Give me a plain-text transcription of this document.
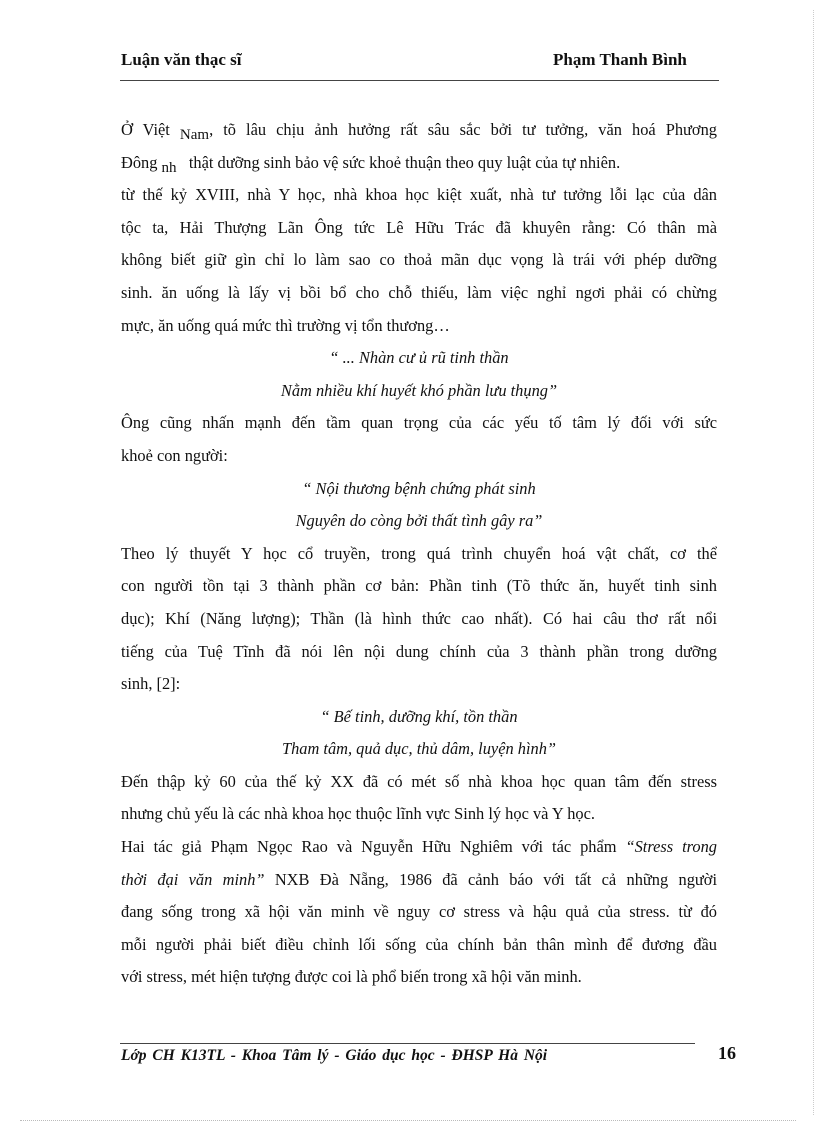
Luận văn thạc sĩ	Phạm Thanh Bình
Ở Việt Nam, tõ lâu chịu ảnh hưởng rất sâu sắc bởi tư tưởng, văn hoá Phương
Đông nh thật dưỡng sinh bảo vệ sức khoẻ thuận theo quy luật của tự nhiên.
từ thế kỷ XVIII, nhà Y học, nhà khoa học kiệt xuất, nhà tư tưởng lỗi lạc của dân
tộc ta, Hải Thượng Lãn Ông tức Lê Hữu Trác đã khuyên rằng: Có thân mà
không biết giữ gìn chỉ lo làm sao co thoả mãn dục vọng là trái với phép dưỡng
sinh. ăn uống là lấy vị bồi bổ cho chỗ thiếu, làm việc nghỉ ngơi phải có chừng
mực, ăn uống quá mức thì trường vị tổn thương…
“ ... Nhàn cư ủ rũ tinh thần
Nằm nhiều khí huyết khó phần lưu thụng”
Ông cũng nhấn mạnh đến tầm quan trọng của các yếu tố tâm lý đối với sức
khoẻ con người:
“ Nội thương bệnh chứng phát sinh
Nguyên do còng bởi thất tình gây ra”
Theo lý thuyết Y học cổ truyền, trong quá trình chuyển hoá vật chất, cơ thể
con người tồn tại 3 thành phần cơ bản: Phần tinh (Tõ thức ăn, huyết tinh sinh
dục); Khí (Năng lượng); Thần (là hình thức cao nhất). Có hai câu thơ rất nổi
tiếng của Tuệ Tĩnh đã nói lên nội dung chính của 3 thành phần trong dưỡng
sinh, [2]:
“ Bế tinh, dưỡng khí, tồn thần
Tham tâm, quả dục, thủ dâm, luyện hình”
Đến thập kỷ 60 của thế kỷ XX đã có mét số nhà khoa học quan tâm đến stress
nhưng chủ yếu là các nhà khoa học thuộc lĩnh vực Sinh lý học và Y học.
Hai tác giả Phạm Ngọc Rao và Nguyễn Hữu Nghiêm với tác phẩm “Stress trong
thời đại văn minh” NXB Đà Nẵng, 1986 đã cảnh báo với tất cả những người
đang sống trong xã hội văn minh về nguy cơ stress và hậu quả của stress. từ đó
mỗi người phải biết điều chỉnh lối sống của chính bản thân mình để đương đầu
với stress, mét hiện tượng được coi là phổ biến trong xã hội văn minh.
Lớp CH K13TL - Khoa Tâm lý - Giáo dục học - ĐHSP Hà Nội	16
